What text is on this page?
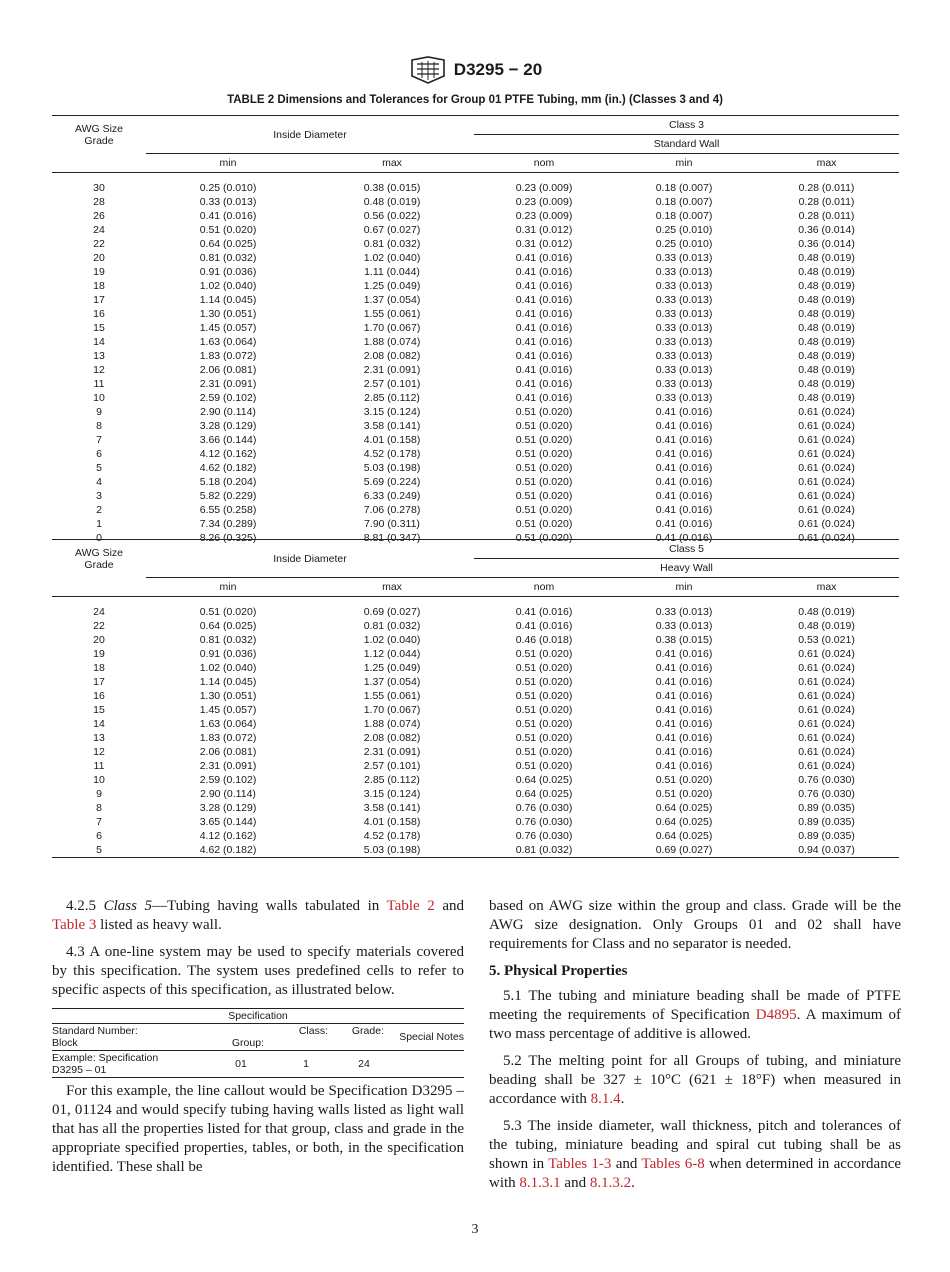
D3295 − 20
TABLE 2 Dimensions and Tolerances for Group 01 PTFE Tubing, mm (in.) (Classes 3 and 4)
AWG Size
Grade	Inside Diameter		Class 3		
			Standard Wall		
	min	max	nom	min	max

30	0.25 (0.010)	0.38 (0.015)	0.23 (0.009)	0.18 (0.007)	0.28 (0.011)
28	0.33 (0.013)	0.48 (0.019)	0.23 (0.009)	0.18 (0.007)	0.28 (0.011)
26	0.41 (0.016)	0.56 (0.022)	0.23 (0.009)	0.18 (0.007)	0.28 (0.011)
24	0.51 (0.020)	0.67 (0.027)	0.31 (0.012)	0.25 (0.010)	0.36 (0.014)
22	0.64 (0.025)	0.81 (0.032)	0.31 (0.012)	0.25 (0.010)	0.36 (0.014)
20	0.81 (0.032)	1.02 (0.040)	0.41 (0.016)	0.33 (0.013)	0.48 (0.019)
19	0.91 (0.036)	1.11 (0.044)	0.41 (0.016)	0.33 (0.013)	0.48 (0.019)
18	1.02 (0.040)	1.25 (0.049)	0.41 (0.016)	0.33 (0.013)	0.48 (0.019)
17	1.14 (0.045)	1.37 (0.054)	0.41 (0.016)	0.33 (0.013)	0.48 (0.019)
16	1.30 (0.051)	1.55 (0.061)	0.41 (0.016)	0.33 (0.013)	0.48 (0.019)
15	1.45 (0.057)	1.70 (0.067)	0.41 (0.016)	0.33 (0.013)	0.48 (0.019)
14	1.63 (0.064)	1.88 (0.074)	0.41 (0.016)	0.33 (0.013)	0.48 (0.019)
13	1.83 (0.072)	2.08 (0.082)	0.41 (0.016)	0.33 (0.013)	0.48 (0.019)
12	2.06 (0.081)	2.31 (0.091)	0.41 (0.016)	0.33 (0.013)	0.48 (0.019)
11	2.31 (0.091)	2.57 (0.101)	0.41 (0.016)	0.33 (0.013)	0.48 (0.019)
10	2.59 (0.102)	2.85 (0.112)	0.41 (0.016)	0.33 (0.013)	0.48 (0.019)
9	2.90 (0.114)	3.15 (0.124)	0.51 (0.020)	0.41 (0.016)	0.61 (0.024)
8	3.28 (0.129)	3.58 (0.141)	0.51 (0.020)	0.41 (0.016)	0.61 (0.024)
7	3.66 (0.144)	4.01 (0.158)	0.51 (0.020)	0.41 (0.016)	0.61 (0.024)
6	4.12 (0.162)	4.52 (0.178)	0.51 (0.020)	0.41 (0.016)	0.61 (0.024)
5	4.62 (0.182)	5.03 (0.198)	0.51 (0.020)	0.41 (0.016)	0.61 (0.024)
4	5.18 (0.204)	5.69 (0.224)	0.51 (0.020)	0.41 (0.016)	0.61 (0.024)
3	5.82 (0.229)	6.33 (0.249)	0.51 (0.020)	0.41 (0.016)	0.61 (0.024)
2	6.55 (0.258)	7.06 (0.278)	0.51 (0.020)	0.41 (0.016)	0.61 (0.024)
1	7.34 (0.289)	7.90 (0.311)	0.51 (0.020)	0.41 (0.016)	0.61 (0.024)
0	8.26 (0.325)	8.81 (0.347)	0.51 (0.020)	0.41 (0.016)	0.61 (0.024)
AWG Size
Grade	Inside Diameter		Class 5		
			Heavy Wall		
	min	max	nom	min	max

24	0.51 (0.020)	0.69 (0.027)	0.41 (0.016)	0.33 (0.013)	0.48 (0.019)
22	0.64 (0.025)	0.81 (0.032)	0.41 (0.016)	0.33 (0.013)	0.48 (0.019)
20	0.81 (0.032)	1.02 (0.040)	0.46 (0.018)	0.38 (0.015)	0.53 (0.021)
19	0.91 (0.036)	1.12 (0.044)	0.51 (0.020)	0.41 (0.016)	0.61 (0.024)
18	1.02 (0.040)	1.25 (0.049)	0.51 (0.020)	0.41 (0.016)	0.61 (0.024)
17	1.14 (0.045)	1.37 (0.054)	0.51 (0.020)	0.41 (0.016)	0.61 (0.024)
16	1.30 (0.051)	1.55 (0.061)	0.51 (0.020)	0.41 (0.016)	0.61 (0.024)
15	1.45 (0.057)	1.70 (0.067)	0.51 (0.020)	0.41 (0.016)	0.61 (0.024)
14	1.63 (0.064)	1.88 (0.074)	0.51 (0.020)	0.41 (0.016)	0.61 (0.024)
13	1.83 (0.072)	2.08 (0.082)	0.51 (0.020)	0.41 (0.016)	0.61 (0.024)
12	2.06 (0.081)	2.31 (0.091)	0.51 (0.020)	0.41 (0.016)	0.61 (0.024)
11	2.31 (0.091)	2.57 (0.101)	0.51 (0.020)	0.41 (0.016)	0.61 (0.024)
10	2.59 (0.102)	2.85 (0.112)	0.64 (0.025)	0.51 (0.020)	0.76 (0.030)
9	2.90 (0.114)	3.15 (0.124)	0.64 (0.025)	0.51 (0.020)	0.76 (0.030)
8	3.28 (0.129)	3.58 (0.141)	0.76 (0.030)	0.64 (0.025)	0.89 (0.035)
7	3.65 (0.144)	4.01 (0.158)	0.76 (0.030)	0.64 (0.025)	0.89 (0.035)
6	4.12 (0.162)	4.52 (0.178)	0.76 (0.030)	0.64 (0.025)	0.89 (0.035)
5	4.62 (0.182)	5.03 (0.198)	0.81 (0.032)	0.69 (0.027)	0.94 (0.037)

4.2.5 Class 5—Tubing having walls tabulated in Table 2 and Table 3 listed as heavy wall.

4.3 A one-line system may be used to specify materials covered by this specification. The system uses predefined cells to refer to specific aspects of this specification, as illustrated below.

Specification				
Standard Number:
Block	Group:	Class:	Grade:	Special Notes
Example: Specification
D3295 – 01	01	1	24	

For this example, the line callout would be Specification D3295 – 01, 01124 and would specify tubing having walls listed as light wall that has all the properties listed for that group, class and grade in the appropriate specified properties, tables, or both, in the specification identified. These shall be

based on AWG size within the group and class. Grade will be the AWG size designation. Only Groups 01 and 02 shall have requirements for Class and no separator is needed.

5. Physical Properties

5.1 The tubing and miniature beading shall be made of PTFE meeting the requirements of Specification D4895. A maximum of two mass percentage of additive is allowed.

5.2 The melting point for all Groups of tubing, and miniature beading shall be 327 ± 10°C (621 ± 18°F) when measured in accordance with 8.1.4.

5.3 The inside diameter, wall thickness, pitch and tolerances of the tubing, miniature beading and spiral cut tubing shall be as shown in Tables 1-3 and Tables 6-8 when determined in accordance with 8.1.3.1 and 8.1.3.2.

3
